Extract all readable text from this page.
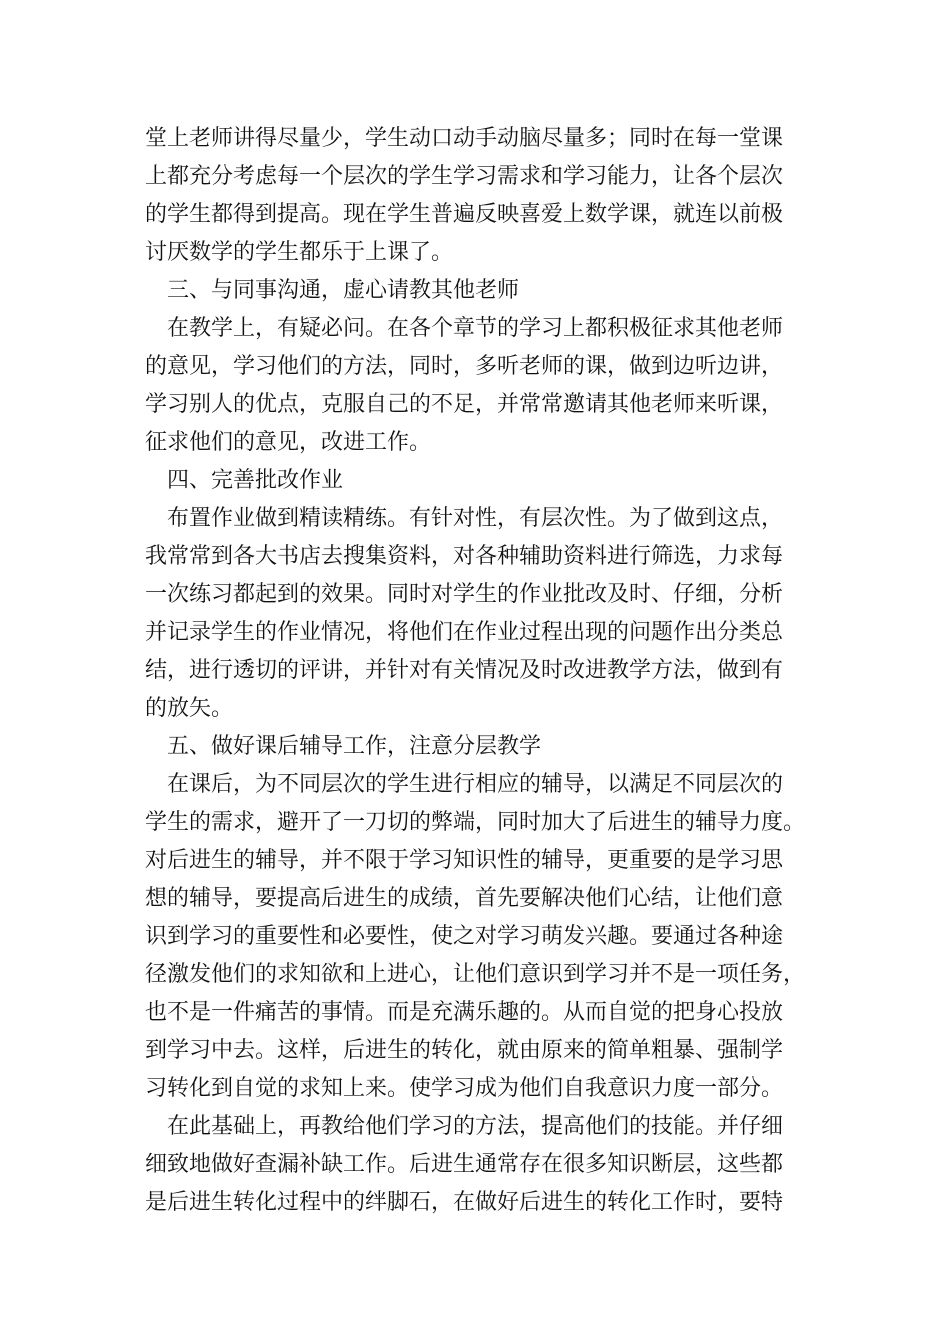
堂上老师讲得尽量少，学生动口动手动脑尽量多；同时在每一堂课
上都充分考虑每一个层次的学生学习需求和学习能力，让各个层次
的学生都得到提高。现在学生普遍反映喜爱上数学课，就连以前极
讨厌数学的学生都乐于上课了。
三、与同事沟通，虚心请教其他老师
在教学上，有疑必问。在各个章节的学习上都积极征求其他老师
的意见，学习他们的方法，同时，多听老师的课，做到边听边讲，
学习别人的优点，克服自己的不足，并常常邀请其他老师来听课，
征求他们的意见，改进工作。
四、完善批改作业
布置作业做到精读精练。有针对性，有层次性。为了做到这点，
我常常到各大书店去搜集资料，对各种辅助资料进行筛选，力求每
一次练习都起到的效果。同时对学生的作业批改及时、仔细，分析
并记录学生的作业情况，将他们在作业过程出现的问题作出分类总
结，进行透切的评讲，并针对有关情况及时改进教学方法，做到有
的放矢。
五、做好课后辅导工作，注意分层教学
在课后，为不同层次的学生进行相应的辅导，以满足不同层次的
学生的需求，避开了一刀切的弊端，同时加大了后进生的辅导力度。
对后进生的辅导，并不限于学习知识性的辅导，更重要的是学习思
想的辅导，要提高后进生的成绩，首先要解决他们心结，让他们意
识到学习的重要性和必要性，使之对学习萌发兴趣。要通过各种途
径激发他们的求知欲和上进心，让他们意识到学习并不是一项任务，
也不是一件痛苦的事情。而是充满乐趣的。从而自觉的把身心投放
到学习中去。这样，后进生的转化，就由原来的简单粗暴、强制学
习转化到自觉的求知上来。使学习成为他们自我意识力度一部分。
在此基础上，再教给他们学习的方法，提高他们的技能。并仔细
细致地做好查漏补缺工作。后进生通常存在很多知识断层，这些都
是后进生转化过程中的绊脚石，在做好后进生的转化工作时，要特
